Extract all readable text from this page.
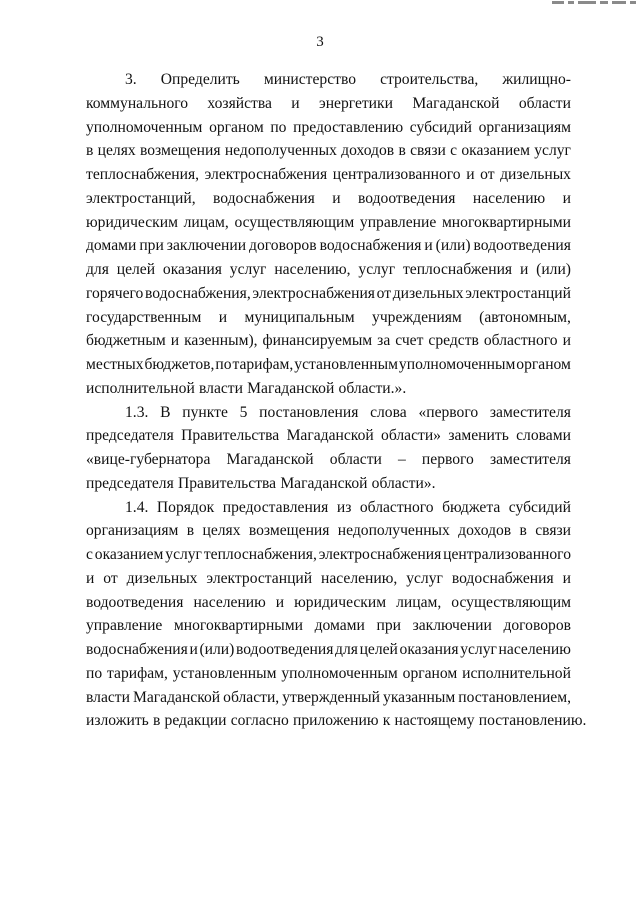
3
3. Определить министерство строительства, жилищно-
коммунального хозяйства и энергетики Магаданской области
уполномоченным органом по предоставлению субсидий организациям
в целях возмещения недополученных доходов в связи с оказанием услуг
теплоснабжения, электроснабжения централизованного и от дизельных
электростанций, водоснабжения и водоотведения населению и
юридическим лицам, осуществляющим управление многоквартирными
домами при заключении договоров водоснабжения и (или) водоотведения
для целей оказания услуг населению, услуг теплоснабжения и (или)
горячего водоснабжения, электроснабжения от дизельных электростанций
государственным и муниципальным учреждениям (автономным,
бюджетным и казенным), финансируемым за счет средств областного и
местных бюджетов, по тарифам, установленным уполномоченным органом
исполнительной власти Магаданской области.».
1.3. В пункте 5 постановления слова «первого заместителя
председателя Правительства Магаданской области» заменить словами
«вице-губернатора Магаданской области – первого заместителя
председателя Правительства Магаданской области».
1.4. Порядок предоставления из областного бюджета субсидий
организациям в целях возмещения недополученных доходов в связи
с оказанием услуг теплоснабжения, электроснабжения централизованного
и от дизельных электростанций населению, услуг водоснабжения и
водоотведения населению и юридическим лицам, осуществляющим
управление многоквартирными домами при заключении договоров
водоснабжения и (или) водоотведения для целей оказания услуг населению
по тарифам, установленным уполномоченным органом исполнительной
власти Магаданской области, утвержденный указанным постановлением,
изложить в редакции согласно приложению к настоящему постановлению.
